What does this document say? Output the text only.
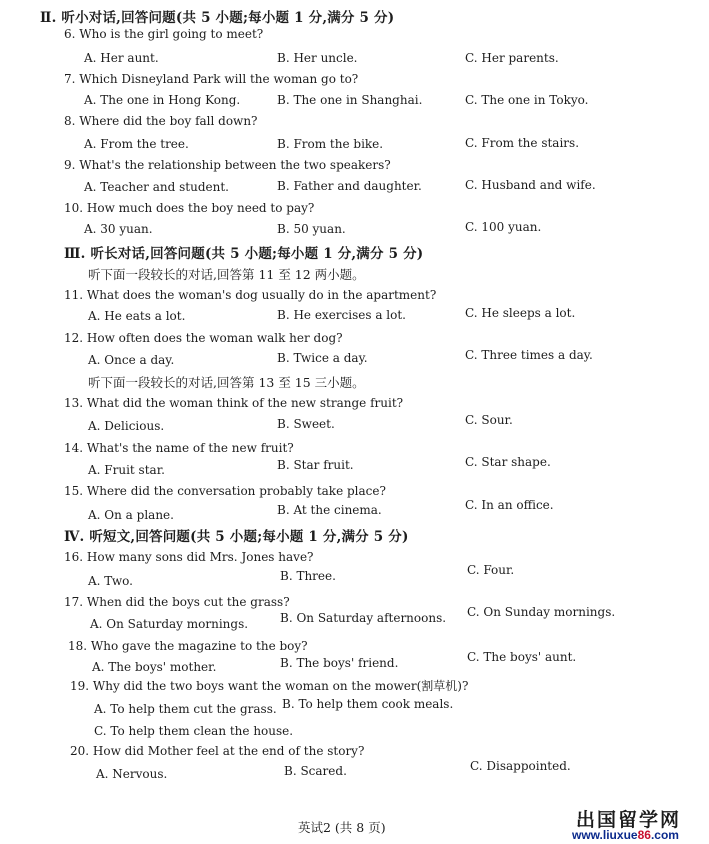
Ⅱ. 听小对话,回答问题(共 5 小题;每小题 1 分,满分 5 分)
6. Who is the girl going to meet?
A. Her aunt.	B. Her uncle.	C. Her parents.
7. Which Disneyland Park will the woman go to?
A. The one in Hong Kong.	B. The one in Shanghai.	C. The one in Tokyo.
8. Where did the boy fall down?
A. From the tree.	B. From the bike.	C. From the stairs.
9. What's the relationship between the two speakers?
A. Teacher and student.	B. Father and daughter.	C. Husband and wife.
10. How much does the boy need to pay?
A. 30 yuan.	B. 50 yuan.	C. 100 yuan.
Ⅲ. 听长对话,回答问题(共 5 小题;每小题 1 分,满分 5 分)
听下面一段较长的对话,回答第 11 至 12 两小题。
11. What does the woman's dog usually do in the apartment?
A. He eats a lot.	B. He exercises a lot.	C. He sleeps a lot.
12. How often does the woman walk her dog?
A. Once a day.	B. Twice a day.	C. Three times a day.
听下面一段较长的对话,回答第 13 至 15 三小题。
13. What did the woman think of the new strange fruit?
A. Delicious.	B. Sweet.	C. Sour.
14. What's the name of the new fruit?
A. Fruit star.	B. Star fruit.	C. Star shape.
15. Where did the conversation probably take place?
A. On a plane.	B. At the cinema.	C. In an office.
Ⅳ. 听短文,回答问题(共 5 小题;每小题 1 分,满分 5 分)
16. How many sons did Mrs. Jones have?
A. Two.	B. Three.	C. Four.
17. When did the boys cut the grass?
A. On Saturday mornings.	B. On Saturday afternoons. C. On Sunday mornings.
18. Who gave the magazine to the boy?
A. The boys' mother.	B. The boys' friend.	C. The boys' aunt.
19. Why did the two boys want the woman on the mower(割草机)?
A. To help them cut the grass. B. To help them cook meals.
C. To help them clean the house.
20. How did Mother feel at the end of the story?
A. Nervous.	B. Scared.	C. Disappointed.
英试2 (共 8 页)	出国留学网
www.liuxue86.com
